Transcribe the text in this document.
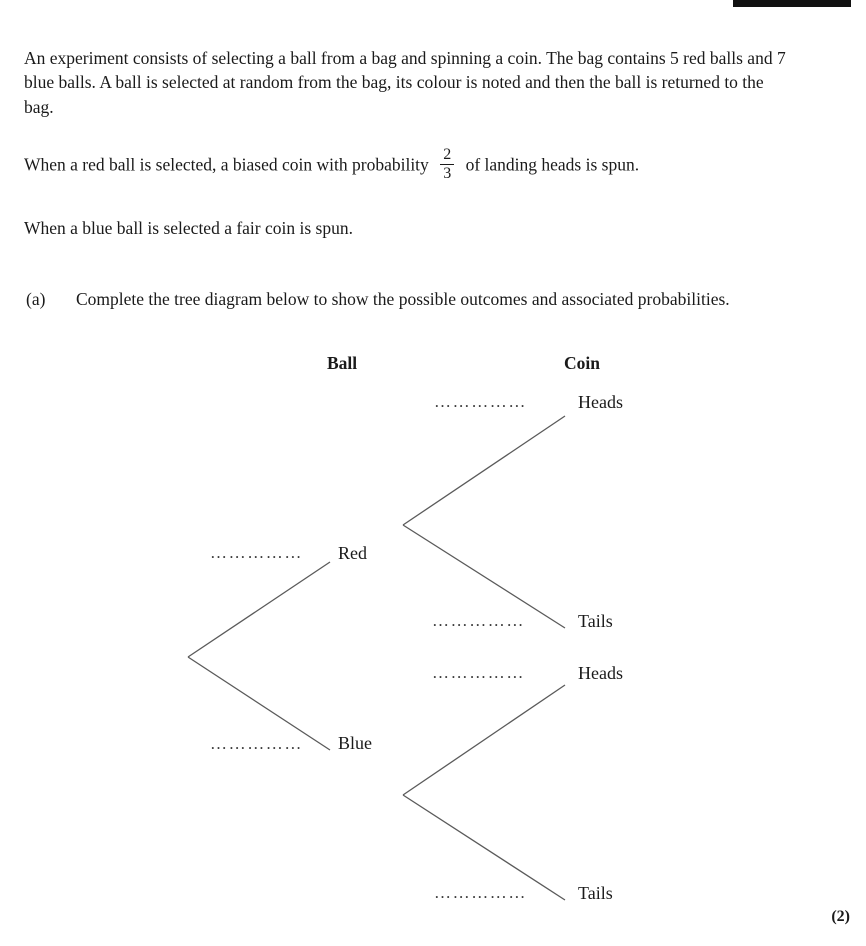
An experiment consists of selecting a ball from a bag and spinning a coin. The bag contains 5 red balls and 7 blue balls. A ball is selected at random from the bag, its colour is noted and then the ball is returned to the bag.

When a red ball is selected, a biased coin with probability $\frac{2}{3}$ of landing heads is spun.

When a blue ball is selected a fair coin is spun.

(a)	Complete the tree diagram below to show the possible outcomes and associated probabilities.
Ball	Coin
Red
Blue
Heads
Tails
Heads
Tails
……………
……………
……………
……………
……………
……………
(2)
